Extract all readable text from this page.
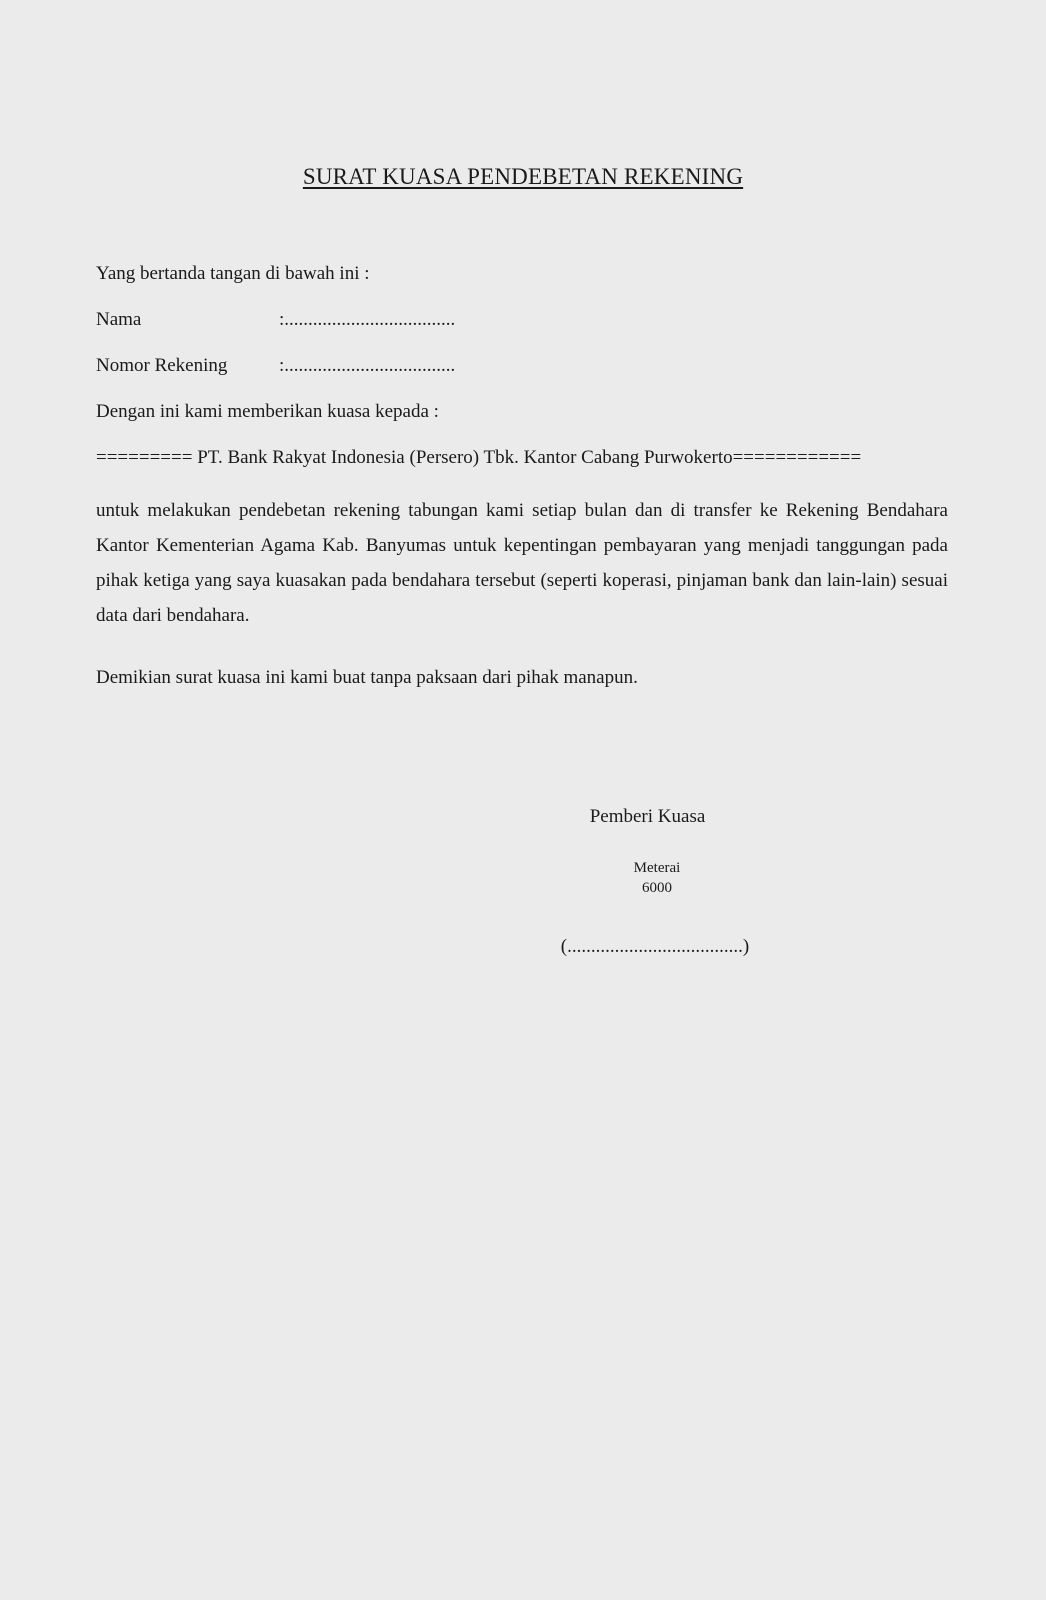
SURAT KUASA PENDEBETAN REKENING
Yang bertanda tangan di bawah ini :
Nama	:....................................
Nomor Rekening	:....................................
Dengan ini kami memberikan kuasa kepada :
========= PT. Bank Rakyat Indonesia (Persero) Tbk. Kantor Cabang Purwokerto============
untuk melakukan pendebetan rekening tabungan kami setiap bulan dan di transfer ke Rekening Bendahara Kantor Kementerian Agama Kab. Banyumas untuk kepentingan pembayaran yang menjadi tanggungan pada pihak ketiga yang saya kuasakan pada bendahara tersebut (seperti koperasi, pinjaman bank dan lain-lain) sesuai data dari bendahara.
Demikian surat kuasa ini kami buat tanpa paksaan dari pihak manapun.
Pemberi Kuasa
Meterai
6000
(.....................................)
